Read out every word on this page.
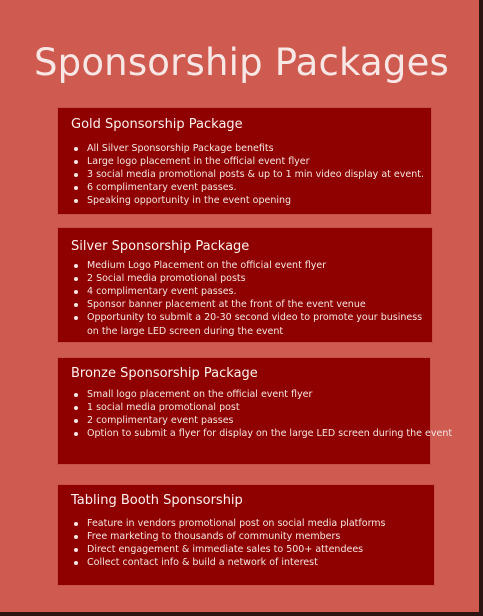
Sponsorship Packages
Gold Sponsorship Package
All Silver Sponsorship Package benefits
Large logo placement in the official event flyer
3 social media promotional posts & up to 1 min video display at event.
6 complimentary event passes.
Speaking opportunity in the event opening
Silver Sponsorship Package
Medium Logo Placement on the official event flyer
2 Social media promotional posts
4 complimentary event passes.
Sponsor banner placement at the front of the event venue
Opportunity to submit a 20-30 second video to promote your business on the large LED screen during the event
Bronze Sponsorship Package
Small logo placement on the official event flyer
1 social media promotional post
2 complimentary event passes
Option to submit a flyer for display on the large LED screen during the event
Tabling Booth Sponsorship
Feature in vendors promotional post on social media platforms
Free marketing to thousands of community members
Direct engagement & immediate sales to 500+ attendees
Collect contact info & build a network of interest
